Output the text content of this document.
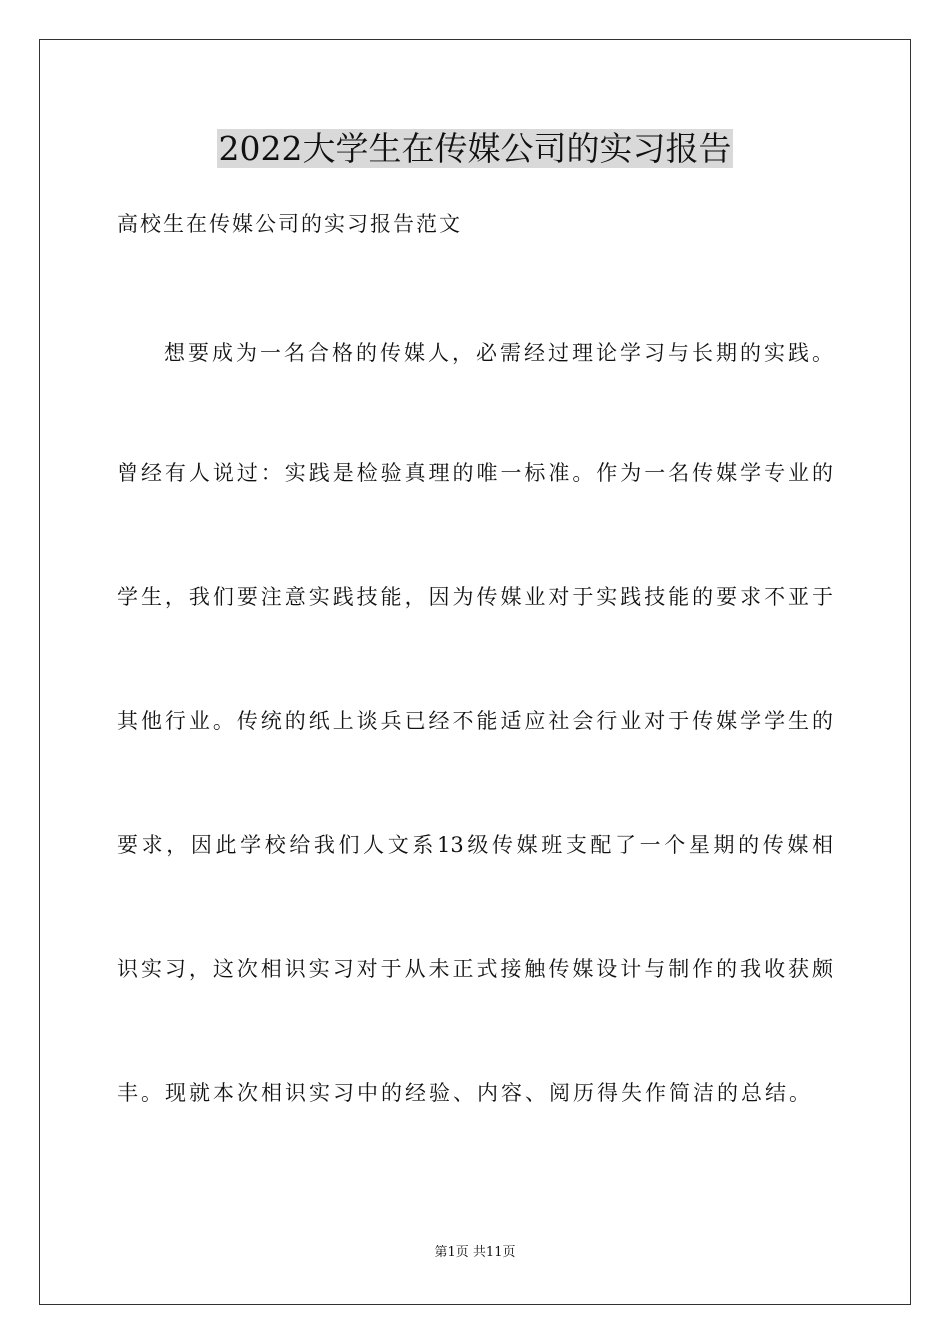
2022大学生在传媒公司的实习报告
高校生在传媒公司的实习报告范文
想要成为一名合格的传媒人，必需经过理论学习与长期的实践。
曾经有人说过：实践是检验真理的唯一标准。作为一名传媒学专业的
学生，我们要注意实践技能，因为传媒业对于实践技能的要求不亚于
其他行业。传统的纸上谈兵已经不能适应社会行业对于传媒学学生的
要求，因此学校给我们人文系13级传媒班支配了一个星期的传媒相
识实习，这次相识实习对于从未正式接触传媒设计与制作的我收获颇
丰。现就本次相识实习中的经验、内容、阅历得失作简洁的总结。
第1页 共11页
